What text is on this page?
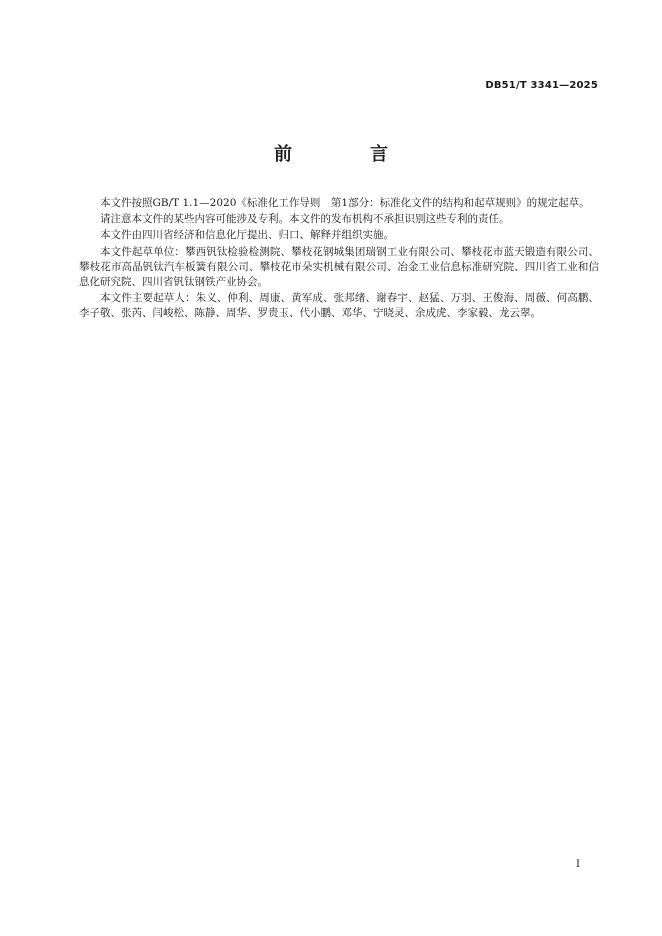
DB51/T 3341—2025
前　言

本文件按照GB/T 1.1—2020《标准化工作导则　第1部分：标准化文件的结构和起草规则》的规定起草。

请注意本文件的某些内容可能涉及专利。本文件的发布机构不承担识别这些专利的责任。

本文件由四川省经济和信息化厅提出、归口、解释并组织实施。

本文件起草单位：攀西钒钛检验检测院、攀枝花钢城集团瑞钢工业有限公司、攀枝花市蓝天锻造有限公司、攀枝花市高晶钒钛汽车板簧有限公司、攀枝花市朵实机械有限公司、冶金工业信息标准研究院、四川省工业和信息化研究院、四川省钒钛钢铁产业协会。

本文件主要起草人：朱义、仲利、周康、黄军成、张邦绪、谢春宇、赵猛、万羽、王俊海、周薇、何高鹏、李子敬、张芮、闫峻松、陈静、周华、罗贵玉、代小鹏、邓华、宁晓灵、余成虎、李家毅、龙云翠。

I
